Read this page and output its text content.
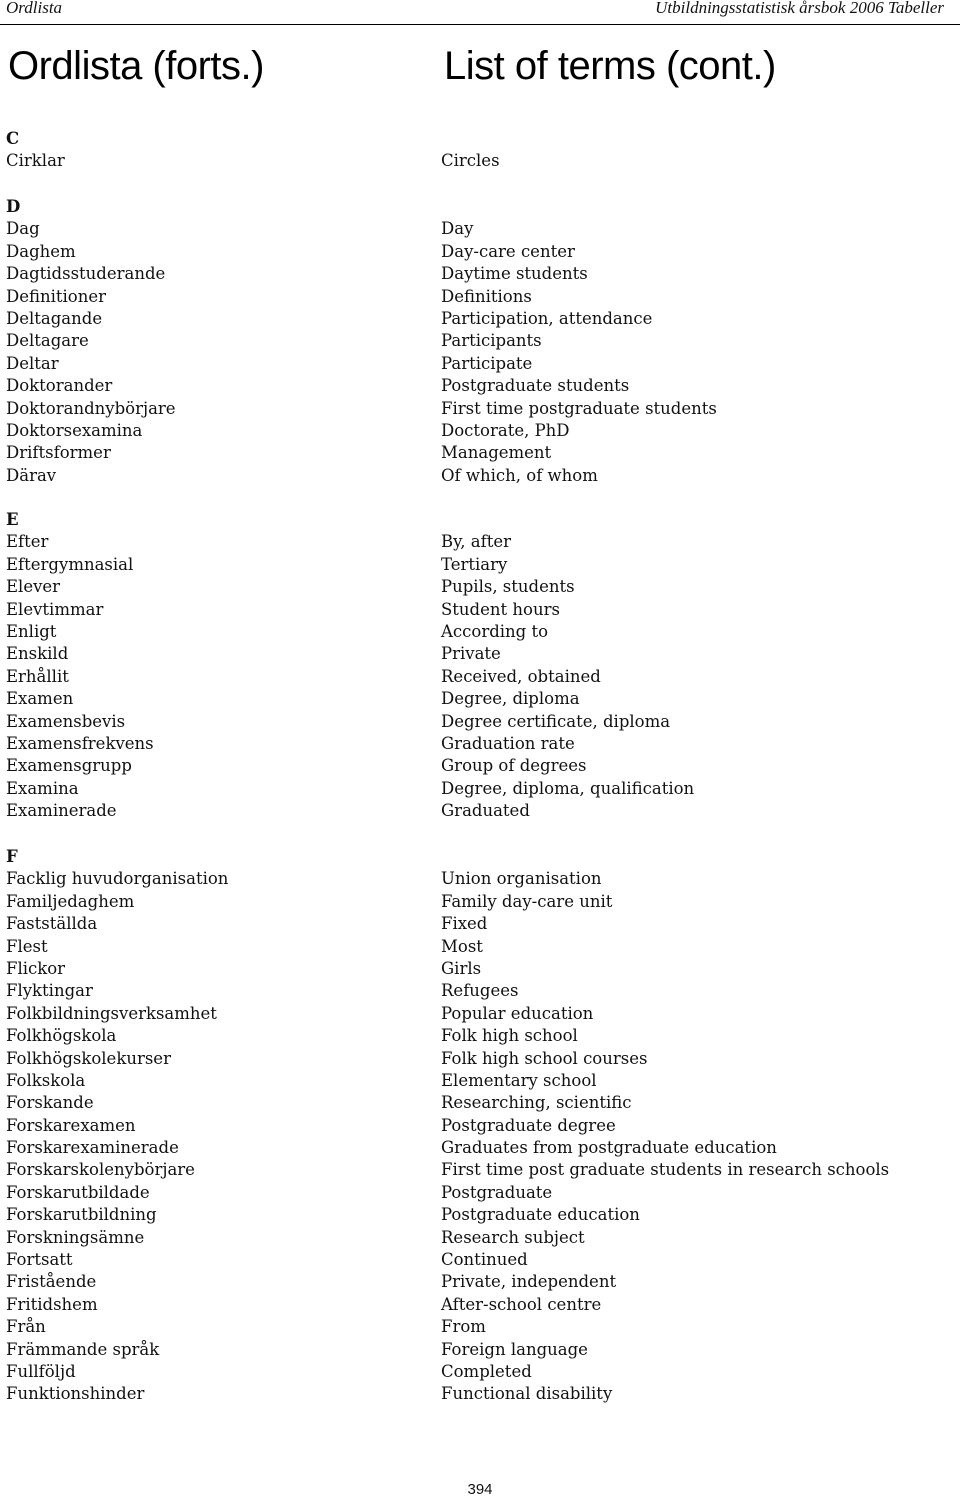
Ordlista	Utbildningsstatistisk årsbok 2006 Tabeller
Ordlista (forts.)	List of terms (cont.)
C
Cirklar	Circles
D
Dag	Day
Daghem	Day-care center
Dagtidsstuderande	Daytime students
Definitioner	Definitions
Deltagande	Participation, attendance
Deltagare	Participants
Deltar	Participate
Doktorander	Postgraduate students
Doktorandnybörjare	First time postgraduate students
Doktorsexamina	Doctorate, PhD
Driftsformer	Management
Därav	Of which, of whom
E
Efter	By, after
Eftergymnasial	Tertiary
Elever	Pupils, students
Elevtimmar	Student hours
Enligt	According to
Enskild	Private
Erhållit	Received, obtained
Examen	Degree, diploma
Examensbevis	Degree certificate, diploma
Examensfrekvens	Graduation rate
Examensgrupp	Group of degrees
Examina	Degree, diploma, qualification
Examinerade	Graduated
F
Facklig huvudorganisation	Union organisation
Familjedaghem	Family day-care unit
Fastställda	Fixed
Flest	Most
Flickor	Girls
Flyktingar	Refugees
Folkbildningsverksamhet	Popular education
Folkhögskola	Folk high school
Folkhögskolekurser	Folk high school courses
Folkskola	Elementary school
Forskande	Researching, scientific
Forskarexamen	Postgraduate degree
Forskarexaminerade	Graduates from postgraduate education
Forskarskolenybörjare	First time post graduate students in research schools
Forskarutbildade	Postgraduate
Forskarutbildning	Postgraduate education
Forskningsämne	Research subject
Fortsatt	Continued
Fristående	Private, independent
Fritidshem	After-school centre
Från	From
Främmande språk	Foreign language
Fullföljd	Completed
Funktionshinder	Functional disability
394
